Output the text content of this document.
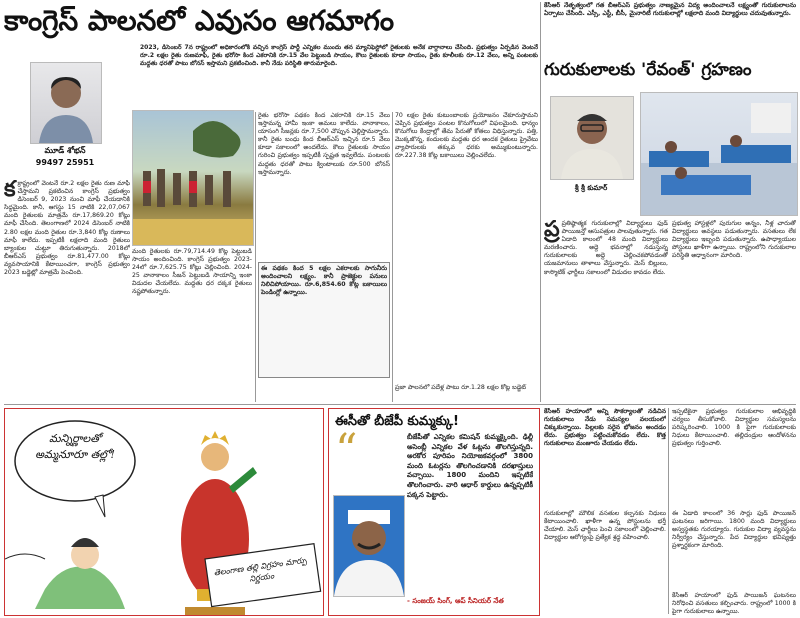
కాంగ్రెస్ పాలనలో ఎవుసం ఆగమాగం
2023, డిసెంబర్ 7న రాష్ట్రంలో అధికారంలోకి వచ్చిన కాంగ్రెస్ పార్టీ ఎన్నికల ముందు తన మ్యానిఫెస్టోలో రైతులకు అనేక వాగ్దానాలు చేసింది. ప్రభుత్వం ఏర్పడిన వెంటనే రూ.2 లక్షల రైతు రుణమాఫీ, రైతు భరోసా కింద ఎకరానికి రూ.15 వేల పెట్టుబడి సాయం, కౌలు రైతులకు కూడా సాయం, రైతు కూలీలకు రూ.12 వేలు, అన్ని పంటలకు మద్దతు ధరతో పాటు బోనస్ ఇస్తామని ప్రకటించింది. కానీ నేడు పరిస్థితి తారుమారైంది.
మూడ్ శోభన్
99497 25951
కక్రాష్ట్రంలో వెంటనే రూ.2 లక్షల రైతు రుణ మాఫీ చేస్తామని ప్రకటించిన కాంగ్రెస్ ప్రభుత్వం డిసెంబర్ 9, 2023 నుంచి మాఫీ చేయడానికి సిద్ధమైంది. కానీ, ఆగస్టు 15 నాటికి 22,07,067 మంది రైతులకు మాత్రమే రూ.17,869.20 కోట్లు మాఫీ చేసింది. తెలంగాణలో 2024 డిసెంబర్ నాటికి 2.80 లక్షల మంది రైతుల రూ.3,840 కోట్ల రుణాలు మాఫీ కాలేదు. ఇప్పటికీ లక్షలాది మంది రైతులు బ్యాంకుల చుట్టూ తిరుగుతున్నారు. 2018లో బీఆర్ఎస్ ప్రభుత్వం రూ.81,477.00 కోట్లు వ్యవసాయానికి కేటాయించగా, కాంగ్రెస్ ప్రభుత్వం 2023 బడ్జెట్లో మాత్రమే పెంచింది.
రైతు భరోసా పథకం కింద ఎకరానికి రూ.15 వేలు ఇస్తామన్న హామీ ఇంకా అమలు కాలేదు. వానాకాలం, యాసంగి సీజన్లకు రూ.7,500 చొప్పున చెల్లిస్తామన్నారు. కానీ రైతు బంధు కింద బీఆర్ఎస్ ఇచ్చిన రూ.5 వేలు కూడా సకాలంలో అందలేదు. కౌలు రైతులకు సాయం గురించి ప్రభుత్వం ఇప్పటికీ స్పష్టత ఇవ్వలేదు. పంటలకు మద్దతు ధరతో పాటు క్వింటాలుకు రూ.500 బోనస్ ఇస్తామన్నారు.
మంది రైతులకు రూ.79,714.49 కోట్ల పెట్టుబడి సాయం అందించింది. కాంగ్రెస్ ప్రభుత్వం 2023-24లో రూ.7,625.75 కోట్లు చెల్లించింది. 2024-25 వానాకాలం సీజన్ పెట్టుబడి సాయాన్ని ఇంకా విడుదల చేయలేదు. మద్దతు ధర దక్కక రైతులు నష్టపోతున్నారు.
ఈ పథకం కింద 5 లక్షల ఎకరాలకు సాగునీరు అందించాలని లక్ష్యం. కానీ ప్రాజెక్టుల పనులు నిలిచిపోయాయి. రూ.6,854.60 కోట్ల బకాయిలు పెండింగ్లో ఉన్నాయి.
70 లక్షల రైతు కుటుంబాలకు ప్రయోజనం చేకూరుస్తామని చెప్పిన ప్రభుత్వం పంటల కొనుగోలులో విఫలమైంది. ధాన్యం కొనుగోలు కేంద్రాల్లో తేమ పేరుతో కోతలు విధిస్తున్నారు. పత్తి, మొక్కజొన్న, కందులకు మద్దతు ధర అందక రైతులు ప్రైవేటు వ్యాపారులకు తక్కువ ధరకు అమ్ముకుంటున్నారు. రూ.227.38 కోట్ల బకాయిలు చెల్లించలేదు.
ప్రజా పాలనలో పదేళ్ల పాటు రూ.1.28 లక్షల కోట్ల బడ్జెట్
కేసీఆర్ నేతృత్వంలో గత బీఆర్ఎస్ ప్రభుత్వం నాణ్యమైన విద్య అందించాలనే లక్ష్యంతో గురుకులాలను ఏర్పాటు చేసింది. ఎస్సీ, ఎస్టీ, బీసీ, మైనారిటీ గురుకులాల్లో లక్షలాది మంది విద్యార్థులు చదువుతున్నారు.
గురుకులాలకు 'రేవంత్' గ్రహణం
శ్రీ శ్రీ కుమార్
ప్ర ప్రతిష్ఠాత్మక గురుకులాల్లో విద్యార్థులు ఫుడ్ పాయిజన్తో ఆసుపత్రుల పాలవుతున్నారు. గత ఏడాది కాలంలో 48 మంది విద్యార్థులు మరణించారు. అద్దె భవనాల్లో నడుస్తున్న గురుకులాలకు అద్దె చెల్లించకపోవడంతో యజమానులు తాళాలు వేస్తున్నారు. మెస్ బిల్లులు, కాస్మొటిక్ ఛార్జీలు సకాలంలో విడుదల కావడం లేదు.
ప్రభుత్వ హాస్టళ్లలో పురుగుల అన్నం, నీళ్ల చారుతో విద్యార్థులు అవస్థలు పడుతున్నారు. వసతులు లేక విద్యార్థులు ఇబ్బంది పడుతున్నారు. ఉపాధ్యాయుల పోస్టులు ఖాళీగా ఉన్నాయి. రాష్ట్రంలోని గురుకులాల పరిస్థితి అధ్వానంగా మారింది.
మన్నిర్ణాలతో అమ్మనూరూ తల్లో!
తెలంగాణ తల్లి విగ్రహం మార్పు నిర్ణయం
ఈసీతో బీజేపీ కుమ్మక్కు!
“	బీజేపీతో ఎన్నికల కమిషన్ కుమ్మక్కైంది. ఢిల్లీ అసెంబ్లీ ఎన్నికల వేళ ఓట్లను తొలగిస్తున్నది. అరకోర పూరిపం నియోజకవర్గంలో 3800 మంది ఓటర్లను తొలగించడానికి దరఖాస్తులు వచ్చాయి. 1800 మందిని ఇప్పటికే తొలగించారు. వారి ఆధార్ కార్డులు ఉన్నప్పటికీ పక్కన పెట్టారు.
- సంజయ్ సింగ్, ఆప్ సీనియర్ నేత
కేసీఆర్ హయాంలో అన్ని సౌకర్యాలతో నడిచిన గురుకులాలు నేడు సమస్యల వలయంలో చిక్కుకున్నాయి. పిల్లలకు సరైన భోజనం అందడం లేదు. ప్రభుత్వం పట్టించుకోవడం లేదు. కొత్త గురుకులాలు మంజూరు చేయడం లేదు.
గురుకులాల్లో మౌలిక వసతుల కల్పనకు నిధులు కేటాయించాలి. ఖాళీగా ఉన్న పోస్టులను భర్తీ చేయాలి. మెస్ ఛార్జీలు పెంచి సకాలంలో చెల్లించాలి. విద్యార్థుల ఆరోగ్యంపై ప్రత్యేక శ్రద్ధ వహించాలి.
ఇప్పటికైనా ప్రభుత్వం గురుకులాల అభివృద్ధికి చర్యలు తీసుకోవాలి. విద్యార్థుల సమస్యలను పరిష్కరించాలి. 1000 కి పైగా గురుకులాలకు నిధులు కేటాయించాలి. తల్లిదండ్రుల ఆందోళనను ప్రభుత్వం గుర్తించాలి.
ఈ ఏడాది కాలంలో 36 సార్లు ఫుడ్ పాయిజన్ ఘటనలు జరిగాయి. 1800 మంది విద్యార్థులు అస్వస్థతకు గురయ్యారు. గురుకుల విద్యా వ్యవస్థను నిర్వీర్యం చేస్తున్నారు. పేద విద్యార్థుల భవిష్యత్తు ప్రశ్నార్థకంగా మారింది.
కేసీఆర్ హయాంలో ఫుడ్ పాయిజన్ ఘటనలు నిరోధించి వసతులు కల్పించారు. రాష్ట్రంలో 1000 కి పైగా గురుకులాలు ఉన్నాయి.
